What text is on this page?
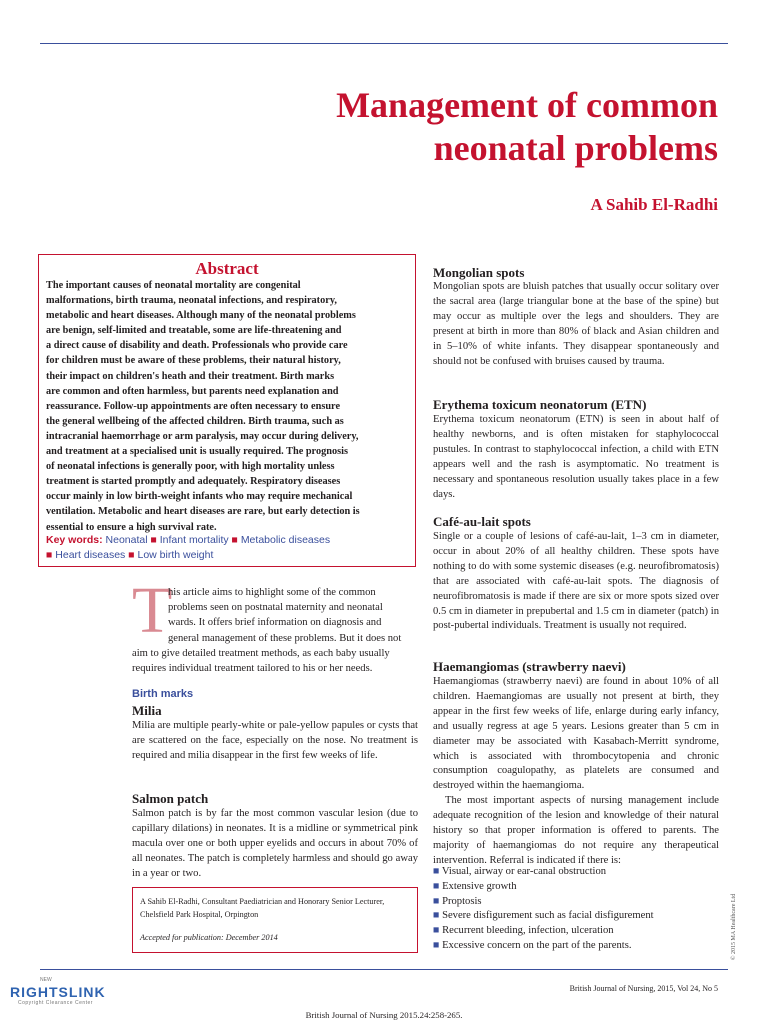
Management of common
neonatal problems
A Sahib El-Radhi
Abstract
The important causes of neonatal mortality are congenital
malformations, birth trauma, neonatal infections, and respiratory,
metabolic and heart diseases. Although many of the neonatal problems
are benign, self-limited and treatable, some are life-threatening and
a direct cause of disability and death. Professionals who provide care
for children must be aware of these problems, their natural history,
their impact on children's heath and their treatment. Birth marks
are common and often harmless, but parents need explanation and
reassurance. Follow-up appointments are often necessary to ensure
the general wellbeing of the affected children. Birth trauma, such as
intracranial haemorrhage or arm paralysis, may occur during delivery,
and treatment at a specialised unit is usually required. The prognosis
of neonatal infections is generally poor, with high mortality unless
treatment is started promptly and adequately. Respiratory diseases
occur mainly in low birth-weight infants who may require mechanical
ventilation. Metabolic and heart diseases are rare, but early detection is
essential to ensure a high survival rate.
Key words: Neonatal ■ Infant mortality ■ Metabolic diseases
■ Heart diseases ■ Low birth weight
T

his article aims to highlight some of the common

problems seen on postnatal maternity and neonatal

wards. It offers brief information on diagnosis and

general management of these problems. But it does not

aim to give detailed treatment methods, as each baby usually

requires individual treatment tailored to his or her needs.

Birth marks
Milia

Milia are multiple pearly-white or pale-yellow papules or cysts that are scattered on the face, especially on the nose. No treatment is required and milia disappear in the first few weeks of life.

Salmon patch

Salmon patch is by far the most common vascular lesion (due to capillary dilations) in neonates. It is a midline or symmetrical pink macula over one or both upper eyelids and occurs in about 70% of all neonates. The patch is completely harmless and should go away in a year or two.

A Sahib El-Radhi, Consultant Paediatrician and Honorary Senior Lecturer, Chelsfield Park Hospital, Orpington
Accepted for publication: December 2014
Mongolian spots

Mongolian spots are bluish patches that usually occur solitary over the sacral area (large triangular bone at the base of the spine) but may occur as multiple over the legs and shoulders. They are present at birth in more than 80% of black and Asian children and in 5–10% of white infants. They disappear spontaneously and should not be confused with bruises caused by trauma.

Erythema toxicum neonatorum (ETN)

Erythema toxicum neonatorum (ETN) is seen in about half of healthy newborns, and is often mistaken for staphylococcal pustules. In contrast to staphylococcal infection, a child with ETN appears well and the rash is asymptomatic. No treatment is necessary and spontaneous resolution usually takes place in a few days.

Café-au-lait spots

Single or a couple of lesions of café-au-lait, 1–3 cm in diameter, occur in about 20% of all healthy children. These spots have nothing to do with some systemic diseases (e.g. neurofibromatosis) that are associated with café-au-lait spots. The diagnosis of neurofibromatosis is made if there are six or more spots sized over 0.5 cm in diameter in prepubertal and 1.5 cm in diameter (patch) in post-pubertal individuals. Treatment is usually not required.

Haemangiomas (strawberry naevi)

Haemangiomas (strawberry naevi) are found in about 10% of all children. Haemangiomas are usually not present at birth, they appear in the first few weeks of life, enlarge during early infancy, and usually regress at age 5 years. Lesions greater than 5 cm in diameter may be associated with Kasabach-Merritt syndrome, which is associated with thrombocytopenia and chronic consumption coagulopathy, as platelets are consumed and destroyed within the haemangioma.

The most important aspects of nursing management include adequate recognition of the lesion and knowledge of their natural history so that proper information is offered to parents. The majority of haemangiomas do not require any therapeutical intervention. Referral is indicated if there is:

■ Visual, airway or ear-canal obstruction
■ Extensive growth
■ Proptosis
■ Severe disfigurement such as facial disfigurement
■ Recurrent bleeding, infection, ulceration
■ Excessive concern on the part of the parents.	© 2015 MA Healthcare Ltd
NEW
RIGHTSLINK
Copyright Clearance Center
British Journal of Nursing, 2015, Vol 24, No 5
British Journal of Nursing 2015.24:258-265.
